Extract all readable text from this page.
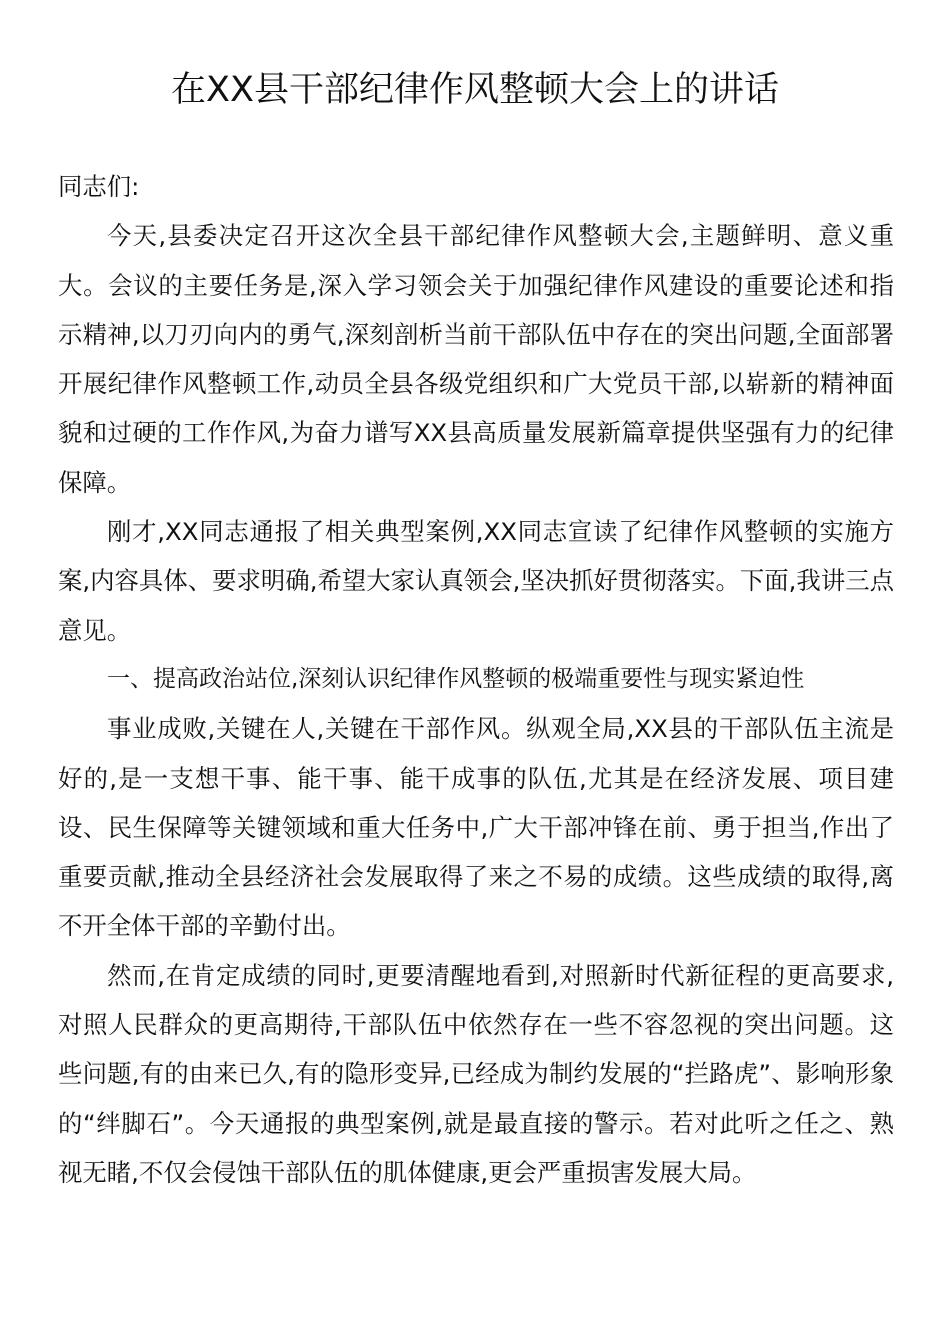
在XX县干部纪律作风整顿大会上的讲话

同志们:

今天,县委决定召开这次全县干部纪律作风整顿大会,主题鲜明、意义重大。会议的主要任务是,深入学习领会关于加强纪律作风建设的重要论述和指示精神,以刀刃向内的勇气,深刻剖析当前干部队伍中存在的突出问题,全面部署开展纪律作风整顿工作,动员全县各级党组织和广大党员干部,以崭新的精神面貌和过硬的工作作风,为奋力谱写XX县高质量发展新篇章提供坚强有力的纪律保障。

刚才,XX同志通报了相关典型案例,XX同志宣读了纪律作风整顿的实施方案,内容具体、要求明确,希望大家认真领会,坚决抓好贯彻落实。下面,我讲三点意见。

一、提高政治站位,深刻认识纪律作风整顿的极端重要性与现实紧迫性

事业成败,关键在人,关键在干部作风。纵观全局,XX县的干部队伍主流是好的,是一支想干事、能干事、能干成事的队伍,尤其是在经济发展、项目建设、民生保障等关键领域和重大任务中,广大干部冲锋在前、勇于担当,作出了重要贡献,推动全县经济社会发展取得了来之不易的成绩。这些成绩的取得,离不开全体干部的辛勤付出。

然而,在肯定成绩的同时,更要清醒地看到,对照新时代新征程的更高要求,对照人民群众的更高期待,干部队伍中依然存在一些不容忽视的突出问题。这些问题,有的由来已久,有的隐形变异,已经成为制约发展的“拦路虎”、影响形象的“绊脚石”。今天通报的典型案例,就是最直接的警示。若对此听之任之、熟视无睹,不仅会侵蚀干部队伍的肌体健康,更会严重损害发展大局。
